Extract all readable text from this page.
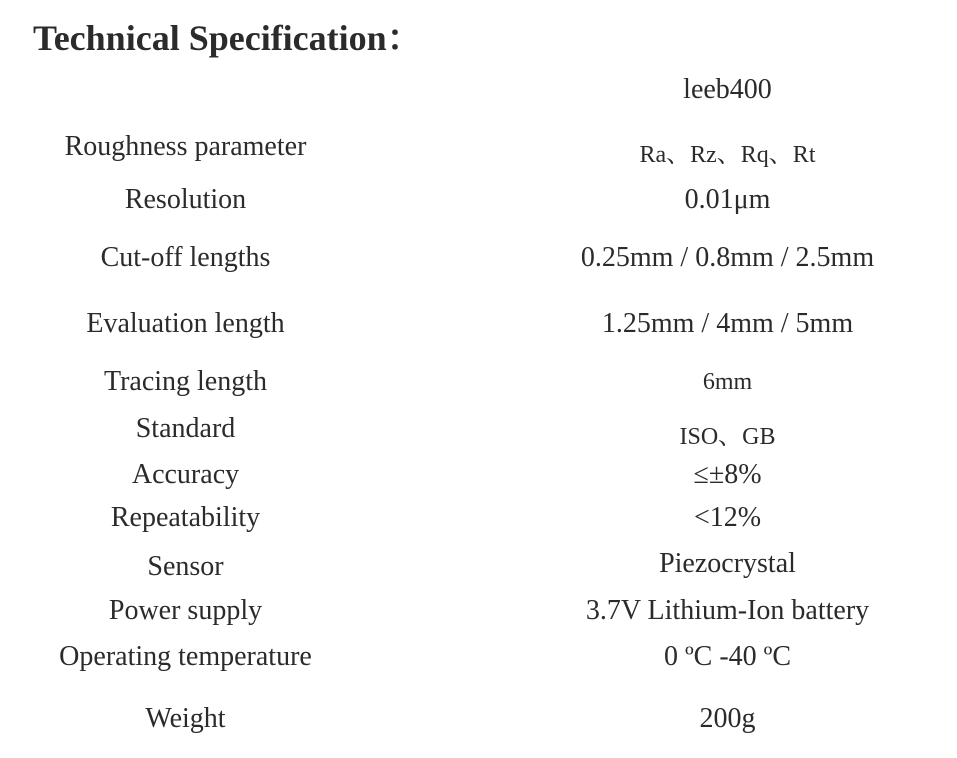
Technical Specification：
leeb400
Roughness parameter	Ra、Rz、Rq、Rt
Resolution	0.01μm
Cut-off lengths	0.25mm / 0.8mm / 2.5mm
Evaluation length	1.25mm / 4mm / 5mm
Tracing length	6mm
Standard	ISO、GB
Accuracy	≤±8%
Repeatability	<12%
Sensor	Piezocrystal
Power supply	3.7V Lithium-Ion battery
Operating temperature	0 ºC -40 ºC
Weight	200g
